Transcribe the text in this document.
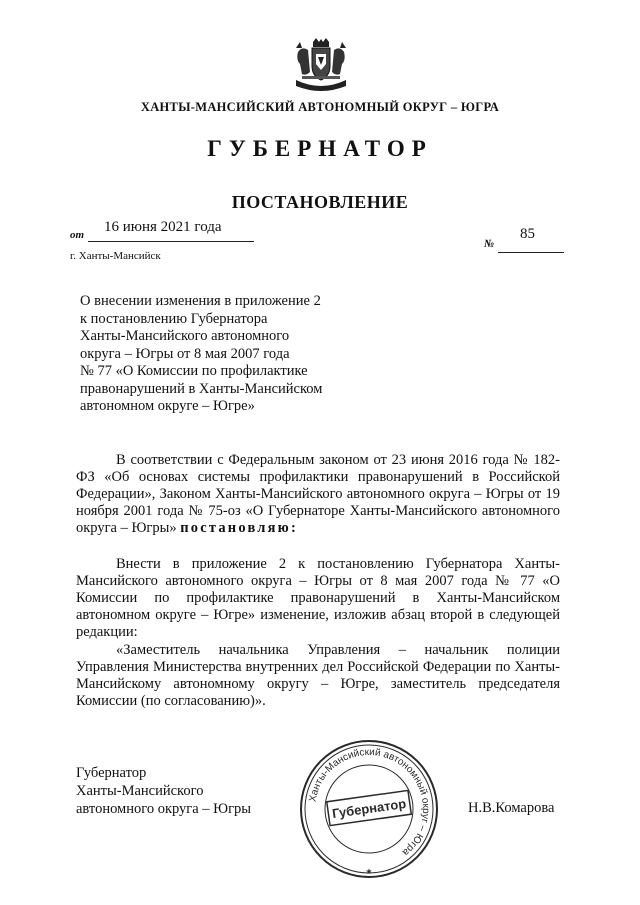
ХАНТЫ-МАНСИЙСКИЙ АВТОНОМНЫЙ ОКРУГ – ЮГРА
ГУБЕРНАТОР
ПОСТАНОВЛЕНИЕ
от 16 июня 2021 года
№
85
г. Ханты-Мансийск
О внесении изменения в приложение 2
к постановлению Губернатора
Ханты-Мансийского автономного
округа – Югры от 8 мая 2007 года
№ 77 «О Комиссии по профилактике
правонарушений в Ханты-Мансийском
автономном округе – Югре»

В соответствии с Федеральным законом от 23 июня 2016 года № 182-ФЗ «Об основах системы профилактики правонарушений в Российской Федерации», Законом Ханты-Мансийского автономного округа – Югры от 19 ноября 2001 года № 75-оз «О Губернаторе Ханты-Мансийского автономного округа – Югры» постановляю:

Внести в приложение 2 к постановлению Губернатора Ханты-Мансийского автономного округа – Югры от 8 мая 2007 года № 77 «О Комиссии по профилактике правонарушений в Ханты-Мансийском автономном округе – Югре» изменение, изложив абзац второй в следующей редакции:

«Заместитель начальника Управления – начальник полиции Управления Министерства внутренних дел Российской Федерации по Ханты-Мансийскому автономному округу – Югре, заместитель председателя Комиссии (по согласованию)».

Губернатор
Ханты-Мансийского
автономного округа – Югры	Н.В.Комарова
Ханты-Мансийский автономный округ – Югра
Губернатор
★
